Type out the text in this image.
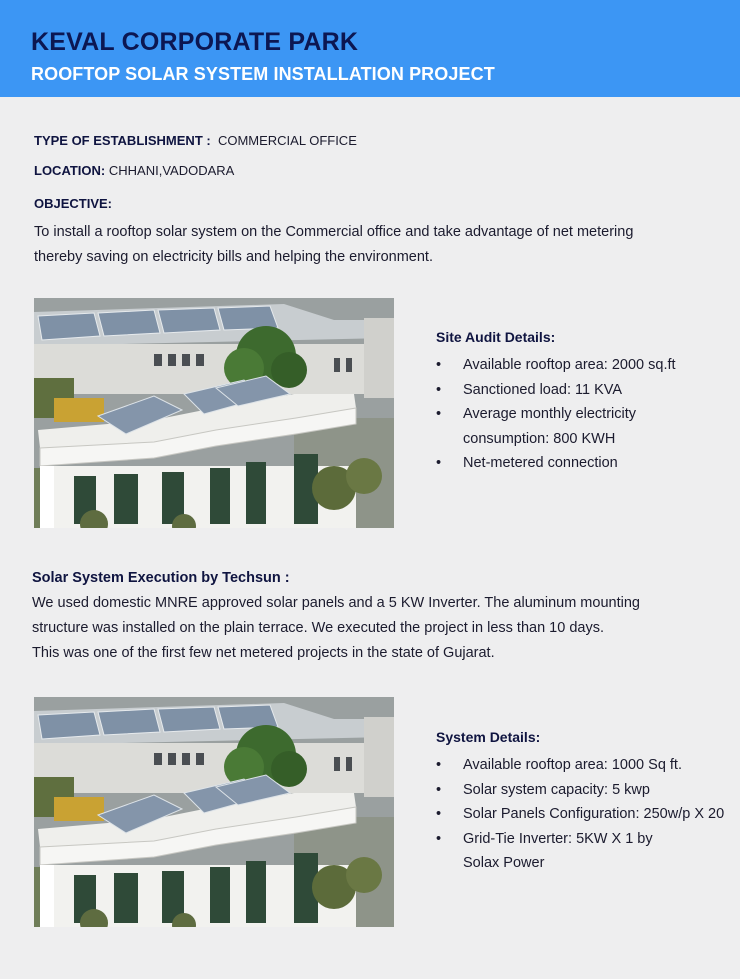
KEVAL CORPORATE PARK
ROOFTOP SOLAR SYSTEM INSTALLATION PROJECT
TYPE OF ESTABLISHMENT : COMMERCIAL OFFICE
LOCATION: CHHANI,VADODARA
OBJECTIVE:
To install a rooftop solar system on the Commercial office and take advantage of net metering thereby saving on electricity bills and helping the environment.
Site Audit Details:
• Available rooftop area: 2000 sq.ft
• Sanctioned load: 11 KVA
• Average monthly electricity consumption: 800 KWH
• Net-metered connection
Solar System Execution by Techsun :
We used domestic MNRE approved solar panels and a 5 KW Inverter. The aluminum mounting
structure was installed on the plain terrace. We executed the project in less than 10 days.
This was one of the first few net metered projects in the state of Gujarat.
System Details:
• Available rooftop area: 1000 Sq ft.
• Solar system capacity: 5 kwp
• Solar Panels Configuration: 250w/p X 20
• Grid-Tie Inverter: 5KW X 1 by Solax Power
